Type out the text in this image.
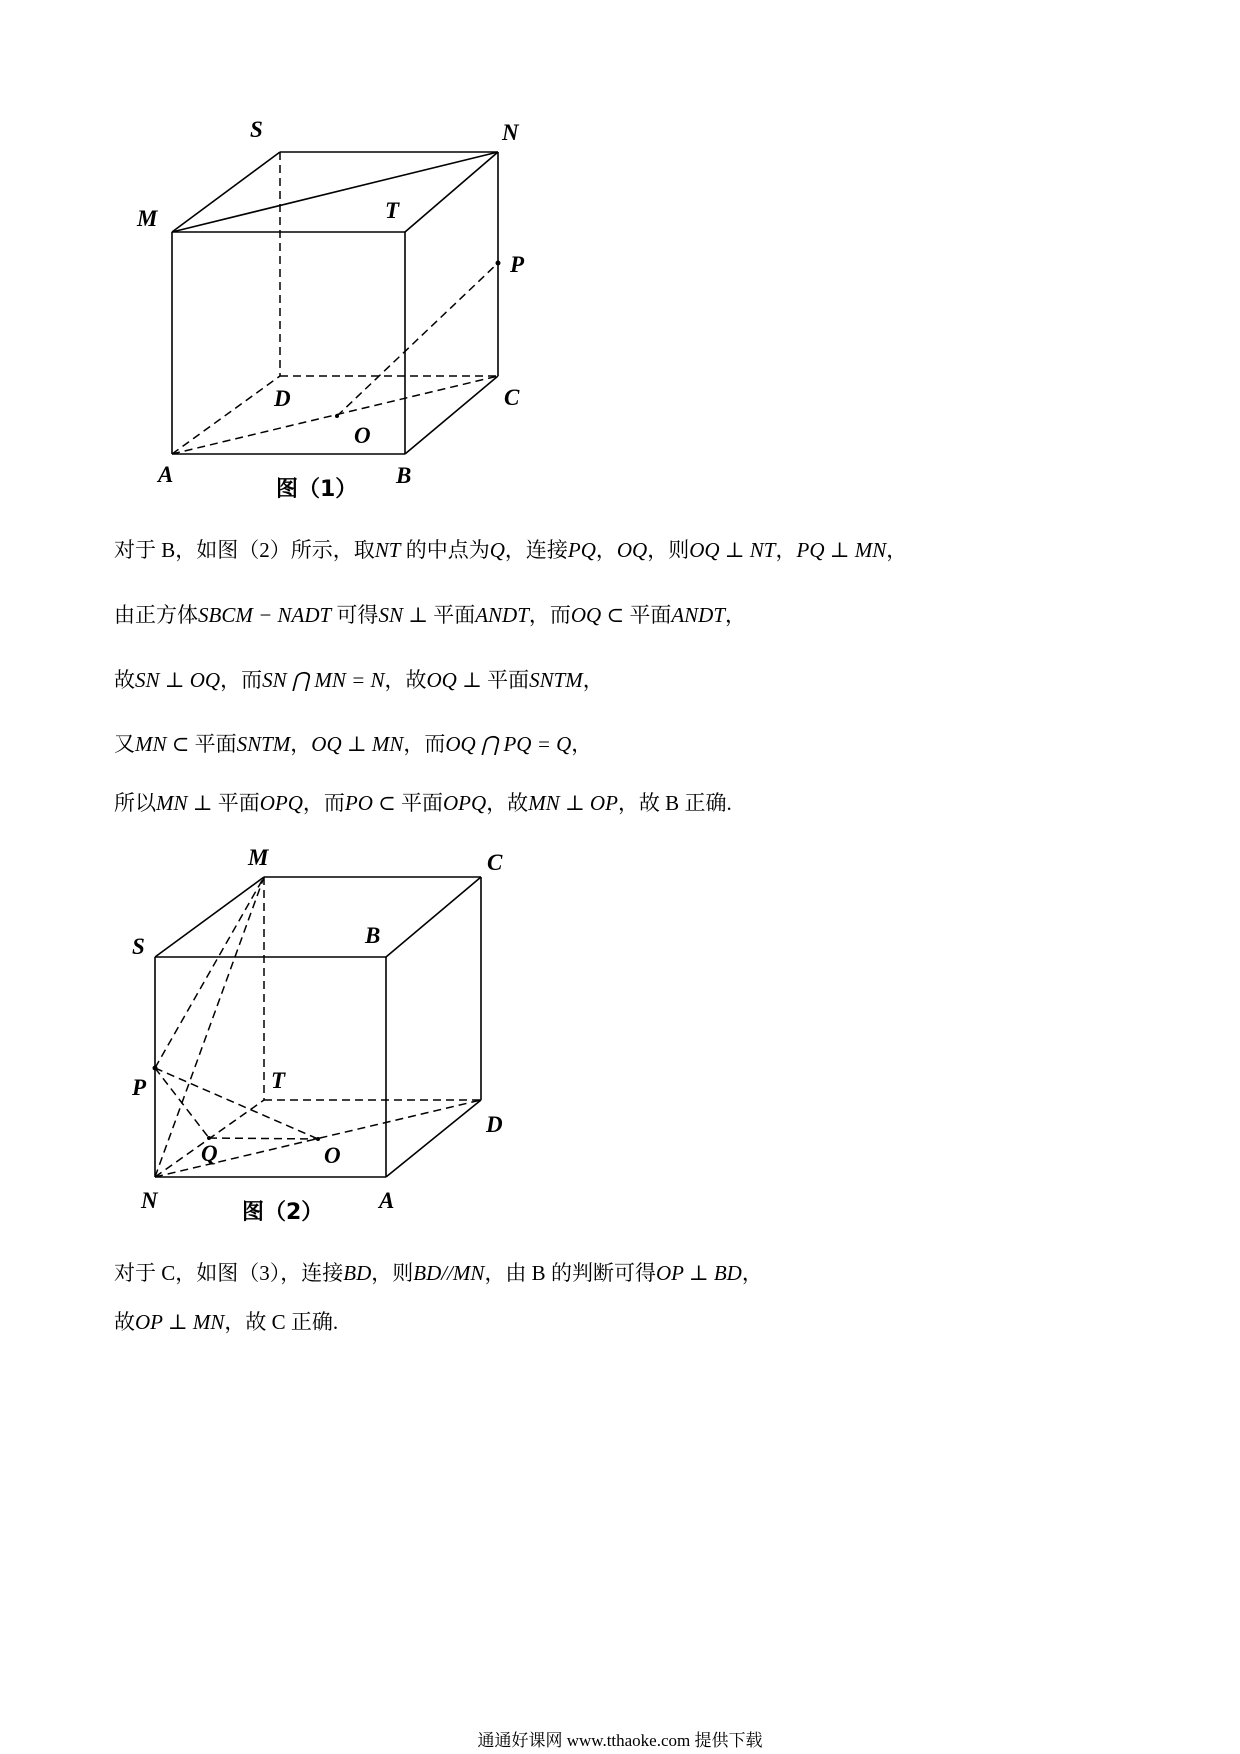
S	N
M	T
P
D	C
O
A	B
图（1）
对于 B，如图（2）所示，取NT 的中点为Q，连接PQ，OQ，则OQ ⊥ NT，PQ ⊥ MN，
由正方体SBCM − NADT 可得SN ⊥ 平面ANDT，而OQ ⊂ 平面ANDT，
故SN ⊥ OQ，而SN ⋂ MN = N，故OQ ⊥ 平面SNTM，
又MN ⊂ 平面SNTM，OQ ⊥ MN，而OQ ⋂ PQ = Q，
所以MN ⊥ 平面OPQ，而PO ⊂ 平面OPQ，故MN ⊥ OP，故 B 正确.
M	C
S	B
P	T
D
Q	O
N	A
图（2）
对于 C，如图（3），连接BD，则BD//MN，由 B 的判断可得OP ⊥ BD，
故OP ⊥ MN，故 C 正确.
通通好课网 www.tthaoke.com 提供下载
